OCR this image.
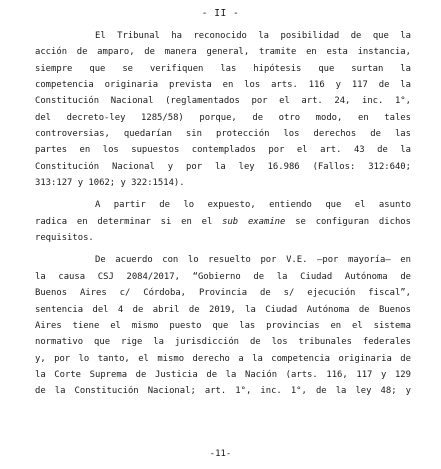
- II -
El Tribunal ha reconocido la posibilidad de que la
acción de amparo, de manera general, tramite en esta instancia,
siempre que se verifiquen las hipótesis que surtan la
competencia originaria prevista en los arts. 116 y 117 de la
Constitución Nacional (reglamentados por el art. 24, inc. 1°,
del decreto-ley 1285/58) porque, de otro modo, en tales
controversias, quedarían sin protección los derechos de las
partes en los supuestos contemplados por el art. 43 de la
Constitución Nacional y por la ley 16.986 (Fallos: 312:640;
313:127 y 1062; y 322:1514).
A partir de lo expuesto, entiendo que el asunto
radica en determinar si en el sub examine se configuran dichos
requisitos.
De acuerdo con lo resuelto por V.E. —por mayoría— en
la causa CSJ 2084/2017, “Gobierno de la Ciudad Autónoma de
Buenos Aires c/ Córdoba, Provincia de s/ ejecución fiscal”,
sentencia del 4 de abril de 2019, la Ciudad Autónoma de Buenos
Aires tiene el mismo puesto que las provincias en el sistema
normativo que rige la jurisdicción de los tribunales federales
y, por lo tanto, el mismo derecho a la competencia originaria de
la Corte Suprema de Justicia de la Nación (arts. 116, 117 y 129
de la Constitución Nacional; art. 1°, inc. 1°, de la ley 48; y
-11-
